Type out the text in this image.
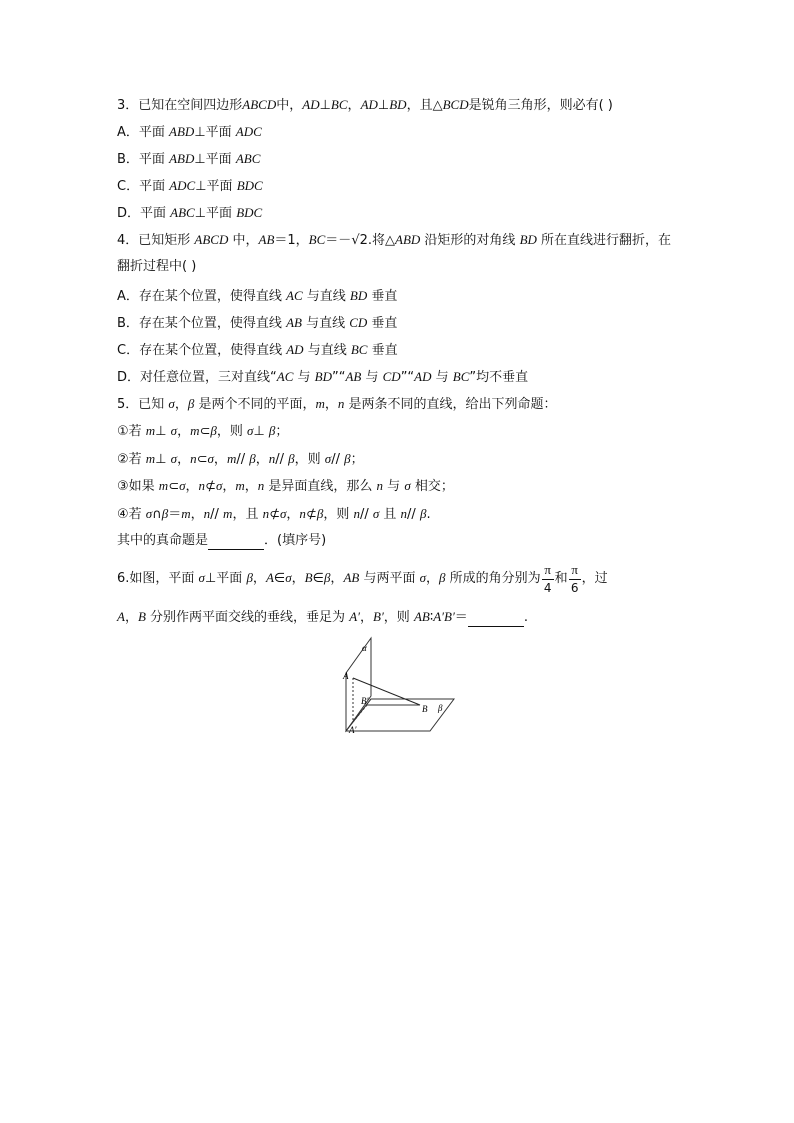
3．已知在空间四边形ABCD中，AD⊥BC，AD⊥BD，且△BCD是锐角三角形，则必有( )
A．平面 ABD⊥平面 ADC
B．平面 ABD⊥平面 ABC
C．平面 ADC⊥平面 BDC
D．平面 ABC⊥平面 BDC
4．已知矩形 ABCD 中，AB＝1，BC＝－√2.将△ABD 沿矩形的对角线 BD 所在直线进行翻折，在
翻折过程中( )
A．存在某个位置，使得直线 AC 与直线 BD 垂直
B．存在某个位置，使得直线 AB 与直线 CD 垂直
C．存在某个位置，使得直线 AD 与直线 BC 垂直
D．对任意位置，三对直线“AC 与 BD”“AB 与 CD”“AD 与 BC”均不垂直
5．已知 σ，β 是两个不同的平面，m，n 是两条不同的直线，给出下列命题：
①若 m⊥ σ，m⊂β，则 σ⊥ β；
②若 m⊥ σ，n⊂σ，m// β，n// β，则 σ// β；
③如果 m⊂σ，n⊄σ，m，n 是异面直线，那么 n 与 σ 相交；
④若 σ∩β＝m，n// m，且 n⊄σ，n⊄β，则 n// σ 且 n// β.
其中的真命题是	．(填序号)
6.如图，平面 σ⊥平面 β，A∈σ，B∈β，AB 与两平面 σ，β 所成的角分别为 $\frac{\pi}{4}$ 和 $\frac{\pi}{6}$ ，过
A，B 分别作两平面交线的垂线，垂足为 A′，B′，则 AB∶A′B′＝	.
α
β
A
B
A′
B′
